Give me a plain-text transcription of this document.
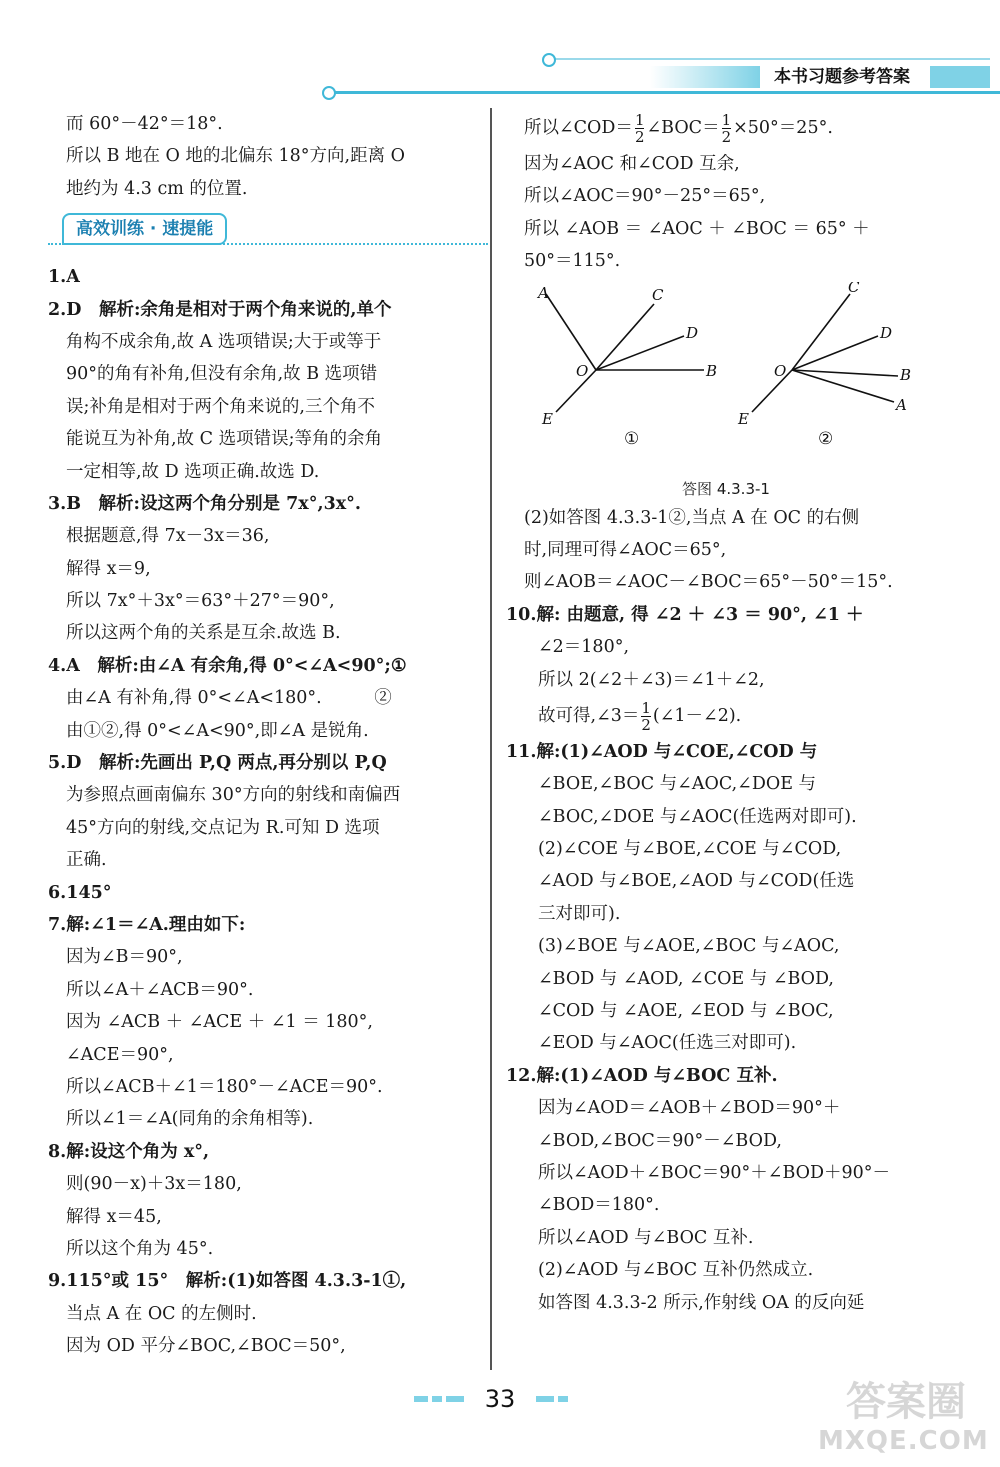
本书习题参考答案
而 60°－42°＝18°.
所以 B 地在 O 地的北偏东 18°方向,距离 O
地约为 4.3 cm 的位置.
高效训练 · 速提能
1.A
2.D　解析:余角是相对于两个角来说的,单个
角构不成余角,故 A 选项错误;大于或等于
90°的角有补角,但没有余角,故 B 选项错
误;补角是相对于两个角来说的,三个角不
能说互为补角,故 C 选项错误;等角的余角
一定相等,故 D 选项正确.故选 D.
3.B　解析:设这两个角分别是 7x°,3x°.
根据题意,得 7x－3x＝36,
解得 x＝9,
所以 7x°＋3x°＝63°＋27°＝90°,
所以这两个角的关系是互余.故选 B.
4.A　解析:由∠A 有余角,得 0°<∠A<90°;①
由∠A 有补角,得 0°<∠A<180°.　　　②
由①②,得 0°<∠A<90°,即∠A 是锐角.
5.D　解析:先画出 P,Q 两点,再分别以 P,Q
为参照点画南偏东 30°方向的射线和南偏西
45°方向的射线,交点记为 R.可知 D 选项
正确.
6.145°
7.解:∠1＝∠A.理由如下:
因为∠B＝90°,
所以∠A＋∠ACB＝90°.
因为 ∠ACB ＋ ∠ACE ＋ ∠1 ＝ 180°,
∠ACE＝90°,
所以∠ACB＋∠1＝180°－∠ACE＝90°.
所以∠1＝∠A(同角的余角相等).
8.解:设这个角为 x°,
则(90－x)＋3x＝180,
解得 x＝45,
所以这个角为 45°.
9.115°或 15°　解析:(1)如答图 4.3.3-1①,
当点 A 在 OC 的左侧时.
因为 OD 平分∠BOC,∠BOC＝50°,
所以∠COD＝ $\frac{1}{2}$ ∠BOC＝ $\frac{1}{2} \times 50^\circ=25^\circ$.
因为∠AOC 和∠COD 互余,
所以∠AOC＝90°－25°＝65°,
所以 ∠AOB ＝ ∠AOC ＋ ∠BOC ＝ 65° ＋
50°＝115°.
A	C
D
O	B
E
①
C
D
O	B
A
E
②
答图 4.3.3-1
(2)如答图 4.3.3-1②,当点 A 在 OC 的右侧
时,同理可得∠AOC＝65°,
则∠AOB＝∠AOC－∠BOC＝65°－50°＝15°.
10.解: 由题意, 得 ∠2 ＋ ∠3 ＝ 90°, ∠1 ＋
∠2＝180°,
所以 2(∠2＋∠3)＝∠1＋∠2,
故可得,∠3＝ $\frac{1}{2}$ (∠1－∠2).
11.解:(1)∠AOD 与∠COE,∠COD 与
∠BOE,∠BOC 与∠AOC,∠DOE 与
∠BOC,∠DOE 与∠AOC(任选两对即可).
(2)∠COE 与∠BOE,∠COE 与∠COD,
∠AOD 与∠BOE,∠AOD 与∠COD(任选
三对即可).
(3)∠BOE 与∠AOE,∠BOC 与∠AOC,
∠BOD 与 ∠AOD, ∠COE 与 ∠BOD,
∠COD 与 ∠AOE, ∠EOD 与 ∠BOC,
∠EOD 与∠AOC(任选三对即可).
12.解:(1)∠AOD 与∠BOC 互补.
因为∠AOD＝∠AOB＋∠BOD＝90°＋
∠BOD,∠BOC＝90°－∠BOD,
所以∠AOD＋∠BOC＝90°＋∠BOD＋90°－
∠BOD＝180°.
所以∠AOD 与∠BOC 互补.
(2)∠AOD 与∠BOC 互补仍然成立.
如答图 4.3.3-2 所示,作射线 OA 的反向延
33	答案圈
MXQE.COM
